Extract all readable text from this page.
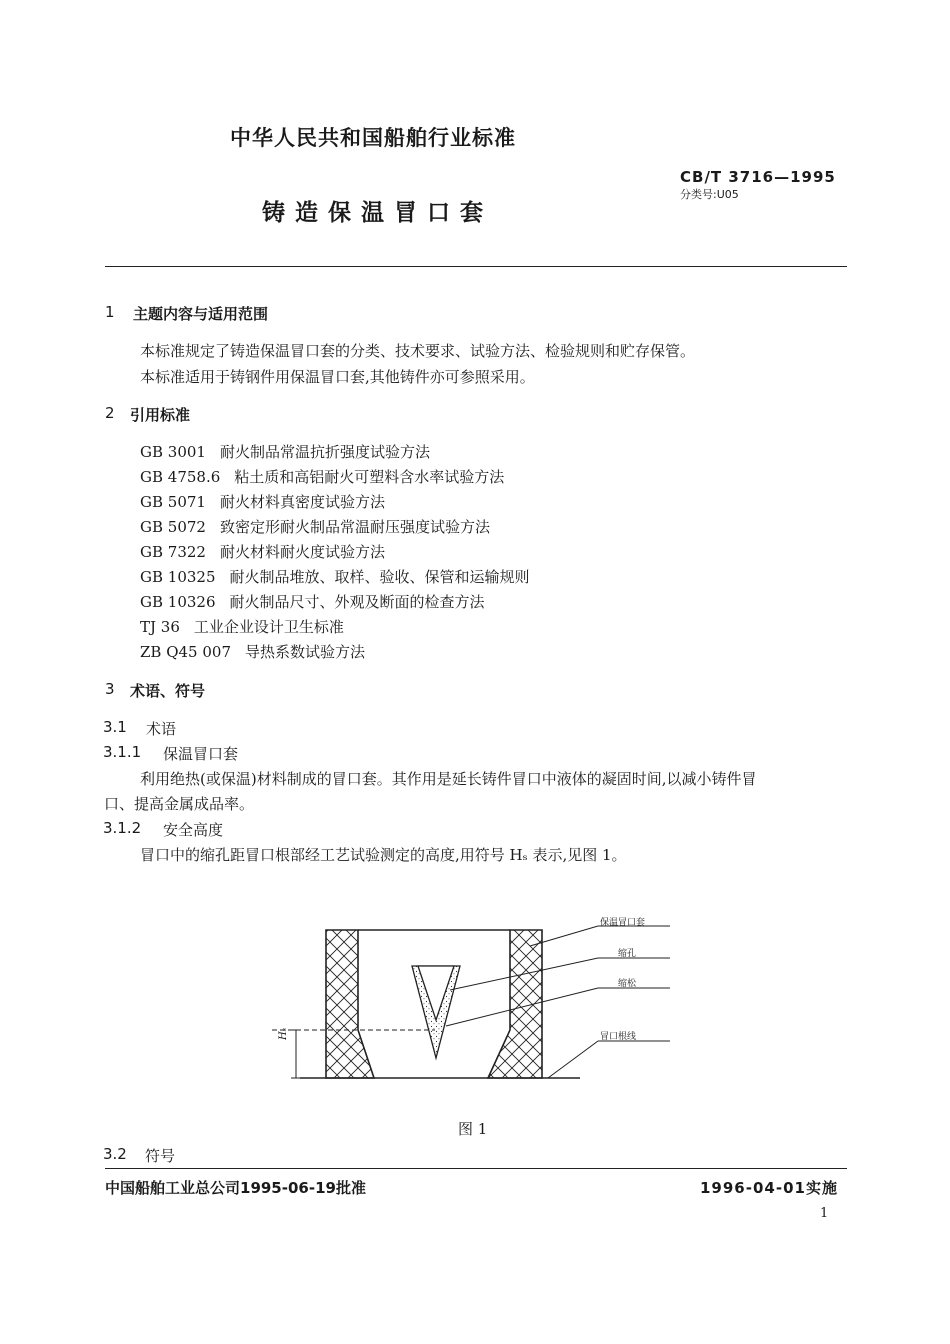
中华人民共和国船舶行业标准
CB/T 3716—1995
分类号:U05
铸造保温冒口套
1 主题内容与适用范围
本标准规定了铸造保温冒口套的分类、技术要求、试验方法、检验规则和贮存保管。
本标准适用于铸钢件用保温冒口套,其他铸件亦可参照采用。
2 引用标准
GB 3001 耐火制品常温抗折强度试验方法
GB 4758.6 粘土质和高铝耐火可塑料含水率试验方法
GB 5071 耐火材料真密度试验方法
GB 5072 致密定形耐火制品常温耐压强度试验方法
GB 7322 耐火材料耐火度试验方法
GB 10325 耐火制品堆放、取样、验收、保管和运输规则
GB 10326 耐火制品尺寸、外观及断面的检查方法
TJ 36 工业企业设计卫生标准
ZB Q45 007 导热系数试验方法
3 术语、符号
3.1 术语
3.1.1 保温冒口套
利用绝热(或保温)材料制成的冒口套。其作用是延长铸件冒口中液体的凝固时间,以减小铸件冒
口、提高金属成品率。
3.1.2 安全高度
冒口中的缩孔距冒口根部经工艺试验测定的高度,用符号 Hₛ 表示,见图 1。
保温冒口套
缩孔
缩松
冒口根线
Hₛ
图 1
3.2 符号
中国船舶工业总公司1995-06-19批准	1996-04-01实施
1
